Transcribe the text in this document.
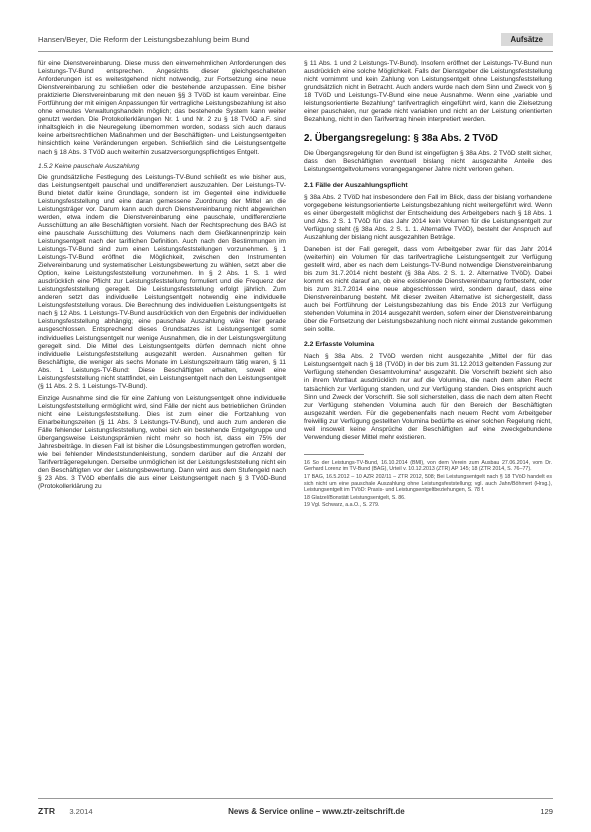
Hansen/Beyer, Die Reform der Leistungsbezahlung beim Bund	Aufsätze

für eine Dienstvereinbarung. Diese muss den einvernehmlichen Anforderungen des Leistungs-TV-Bund entsprechen. Angesichts dieser gleichgeschalteten Anforderungen ist es weitestgehend nicht notwendig, zur Fortsetzung eine neue Dienstvereinbarung zu schließen oder die bestehende anzupassen. Eine bisher praktizierte Dienstvereinbarung mit den neuen §§ 3 TVöD ist kaum vereinbar. Eine Fortführung der mit einigen Anpassungen für vertragliche Leistungsbezahlung ist also ohne erneutes Verwaltungshandeln möglich; das bestehende System kann weiter genutzt werden. Die Protokollerklärungen Nr. 1 und Nr. 2 zu § 18 TVöD a.F. sind inhaltsgleich in die Neuregelung übernommen worden, sodass sich auch daraus keine arbeitsrechtlichen Maßnahmen und der Beschäftigten- und Leistungsentgelten hinsichtlich keine Veränderungen ergeben. Schließlich sind die Leistungsentgelte nach § 18 Abs. 3 TVöD auch weiterhin zusatzversorgungspflichtiges Entgelt.

1.5.2 Keine pauschale Auszahlung

Die grundsätzliche Festlegung des Leistungs-TV-Bund schließt es wie bisher aus, das Leistungsentgelt pauschal und undifferenziert auszuzahlen. Der Leistungs-TV-Bund bietet dafür keine Grundlage, sondern ist im Gegenteil eine individuelle Leistungsfeststellung und eine daran gemessene Zuordnung der Mittel an die Leistungsträger vor. Darum kann auch durch Dienstvereinbarung nicht abgewichen werden, etwa indem die Dienstvereinbarung eine pauschale, undifferenzierte Ausschüttung an alle Beschäftigten vorsieht. Nach der Rechtsprechung des BAG ist eine pauschale Ausschüttung des Volumens nach dem Gießkannenprinzip kein Leistungsentgelt nach der tariflichen Definition. Auch nach den Bestimmungen im Leistungs-TV-Bund sind zum einen Leistungsfeststellungen vorzunehmen. § 1 Leistungs-TV-Bund eröffnet die Möglichkeit, zwischen den Instrumenten Zielvereinbarung und systematischer Leistungsbewertung zu wählen, setzt aber die Option, keine Leistungsfeststellung vorzunehmen. In § 2 Abs. 1 S. 1 wird ausdrücklich eine Pflicht zur Leistungsfeststellung formuliert und die Frequenz der Leistungsfeststellung geregelt. Die Leistungsfeststellung erfolgt jährlich. Zum anderen setzt das individuelle Leistungsentgelt notwendig eine individuelle Leistungsfeststellung voraus. Die Berechnung des individuellen Leistungsentgelts ist nach § 12 Abs. 1 Leistungs-TV-Bund ausdrücklich von den Ergebnis der individuellen Leistungsfeststellung abhängig; eine pauschale Auszahlung wäre hier gerade ausgeschlossen. Entsprechend dieses Grundsatzes ist Leistungsentgelt somit individuelles Leistungsentgelt nur wenige Ausnahmen, die in der Leistungsvergütung geregelt sind. Die Mittel des Leistungsentgelts dürfen demnach nicht ohne individuelle Leistungsfeststellung ausgezahlt werden. Ausnahmen gelten für Beschäftigte, die weniger als sechs Monate im Leistungszeitraum tätig waren, § 11 Abs. 1 Leistungs-TV-Bund: Diese Beschäftigten erhalten, soweit eine Leistungsfeststellung nicht stattfindet, ein Leistungsentgelt nach den Leistungsentgelt (§ 11 Abs. 2 S. 1 Leistungs-TV-Bund).

Einzige Ausnahme sind die für eine Zahlung von Leistungsentgelt ohne individuelle Leistungsfeststellung ermöglicht wird, sind Fälle der nicht aus betrieblichen Gründen nicht eine Leistungsfeststellung. Dies ist zum einer die Fortzahlung von Einarbeitungszeiten (§ 11 Abs. 3 Leistungs-TV-Bund), und auch zum anderen die Fälle fehlender Leistungsfeststellung, wobei sich ein bestehende Entgeltgruppe und übergangsweise Leistungsprämien nicht mehr so hoch ist, dass ein 75% der Jahresbeiträge. In diesen Fall ist bisher die Lösungsbestimmungen getroffen worden, wie bei fehlender Mindeststundenleistung, sondern darüber auf die Anzahl der Tarifverträgeregelungen. Derselbe unmöglichen ist der Leistungsfeststellung nicht ein den Beschäftigten vor der Leistungsbewertung. Dann wird aus dem Stufengeld nach § 23 Abs. 3 TVöD ebenfalls die aus einer Leistungsentgelt nach § 3 TVöD-Bund (Protokollerklärung zu

§ 11 Abs. 1 und 2 Leistungs-TV-Bund). Insofern eröffnet der Leistungs-TV-Bund nun ausdrücklich eine solche Möglichkeit. Falls der Dienstgeber die Leistungsfeststellung nicht vornimmt und kein Zahlung von Leistungsentgelt ohne Leistungsfeststellung grundsätzlich nicht in Betracht. Auch anders wurde nach dem Sinn und Zweck von § 18 TVöD und Leistungs-TV-Bund eine neue Ausnahme. Wenn eine „variable und leistungsorientierte Bezahlung“ tarifvertraglich eingeführt wird, kann die Zielsetzung einer pauschalen, nur gerade nicht variablen und nicht an der Leistung orientierten Bezahlung, nicht in den Tarifvertrag hinein interpretiert werden.

2. Übergangsregelung: § 38a Abs. 2 TVöD

Die Übergangsregelung für den Bund ist eingefügten § 38a Abs. 2 TVöD stellt sicher, dass den Beschäftigten eventuell bislang nicht ausgezahlte Anteile des Leistungsentgeltvolumens vorangegangener Jahre nicht verloren gehen.

2.1 Fälle der Auszahlungspflicht

§ 38a Abs. 2 TVöD hat insbesondere den Fall im Blick, dass der bislang vorhandene vorgegebene leistungsorientierte Leistungsbezahlung nicht weitergeführt wird. Wenn es einer übergestellt möglichst der Entscheidung des Arbeitgebers nach § 18 Abs. 1 und Abs. 2 S. 1 TVöD für das Jahr 2014 kein Volumen für die Leistungsentgelt zur Verfügung steht (§ 38a Abs. 2 S. 1. 1. Alternative TVöD), besteht der Anspruch auf Auszahlung der bislang nicht ausgezahlten Beträge.

Daneben ist der Fall geregelt, dass vom Arbeitgeber zwar für das Jahr 2014 (weiterhin) ein Volumen für das tarifvertragliche Leistungsentgelt zur Verfügung gestellt wird, aber es nach dem Leistungs-TV-Bund notwendige Dienstvereinbarung bis zum 31.7.2014 nicht besteht (§ 38a Abs. 2 S. 1. 2. Alternative TVöD). Dabei kommt es nicht darauf an, ob eine existierende Dienstvereinbarung fortbesteht, oder bis zum 31.7.2014 eine neue abgeschlossen wird, sondern darauf, dass eine Dienstvereinbarung besteht. Mit dieser zweiten Alternative ist sichergestellt, dass auch bei Fortführung der Leistungsbezahlung das bis Ende 2013 zur Verfügung stehenden Volumina in 2014 ausgezahlt werden, sofern einer der Dienstvereinbarung über die Fortsetzung der Leistungsbezahlung noch nicht einmal zustande gekommen sein sollte.

2.2 Erfasste Volumina

Nach § 38a Abs. 2 TVöD werden nicht ausgezahlte „Mittel der für das Leistungsentgelt nach § 18 (TVöD) in der bis zum 31.12.2013 geltenden Fassung zur Verfügung stehenden Gesamtvolumina“ ausgezahlt. Die Vorschrift bezieht sich also in ihrem Wortlaut ausdrücklich nur auf die Volumina, die nach dem alten Recht tatsächlich zur Verfügung standen, und zur Verfügung standen. Dies entspricht auch Sinn und Zweck der Vorschrift. Sie soll sicherstellen, dass die nach dem alten Recht zur Verfügung stehenden Volumina auch für den Bereich der Beschäftigten ausgezahlt werden. Für die gegebenenfalls nach neuem Recht vom Arbeitgeber freiwillig zur Verfügung gestellten Volumina bedürfte es einer solchen Regelung nicht, weil insoweit keine Ansprüche der Beschäftigten auf eine zweckgebundene Verwendung dieser Mittel mehr existieren.

16 So der Leistungs-TV-Bund, 16.10.2014 (BMI), von dem Verein zum Ausbau 27.06.2014, vom Dr. Gerhard Lorenz im TV-Bund (BAG), Urteil v. 10.12.2013 (ZTR) AP 145; 18 (ZTR 2014, S. 76–77).

17 BAG, 16.5.2012 – 10 AZR 202/11 – ZTR 2012, 508; Bei Leistungsentgelt nach § 18 TVöD handelt es sich nicht um eine pauschale Auszahlung ohne Leistungsfeststellung; vgl. auch Jahn/Böhmert (Hrsg.), Leistungsentgelt im TVöD: Praxis- und Leistungsentgeltbeziehungen, S. 78 f.

18 Glatzel/Bonstätt Leistungsentgelt, S. 86.

19 Vgl. Schwarz, a.a.O., S. 279.

ZTR 3.2014	News & Service online – www.ztr-zeitschrift.de	129
